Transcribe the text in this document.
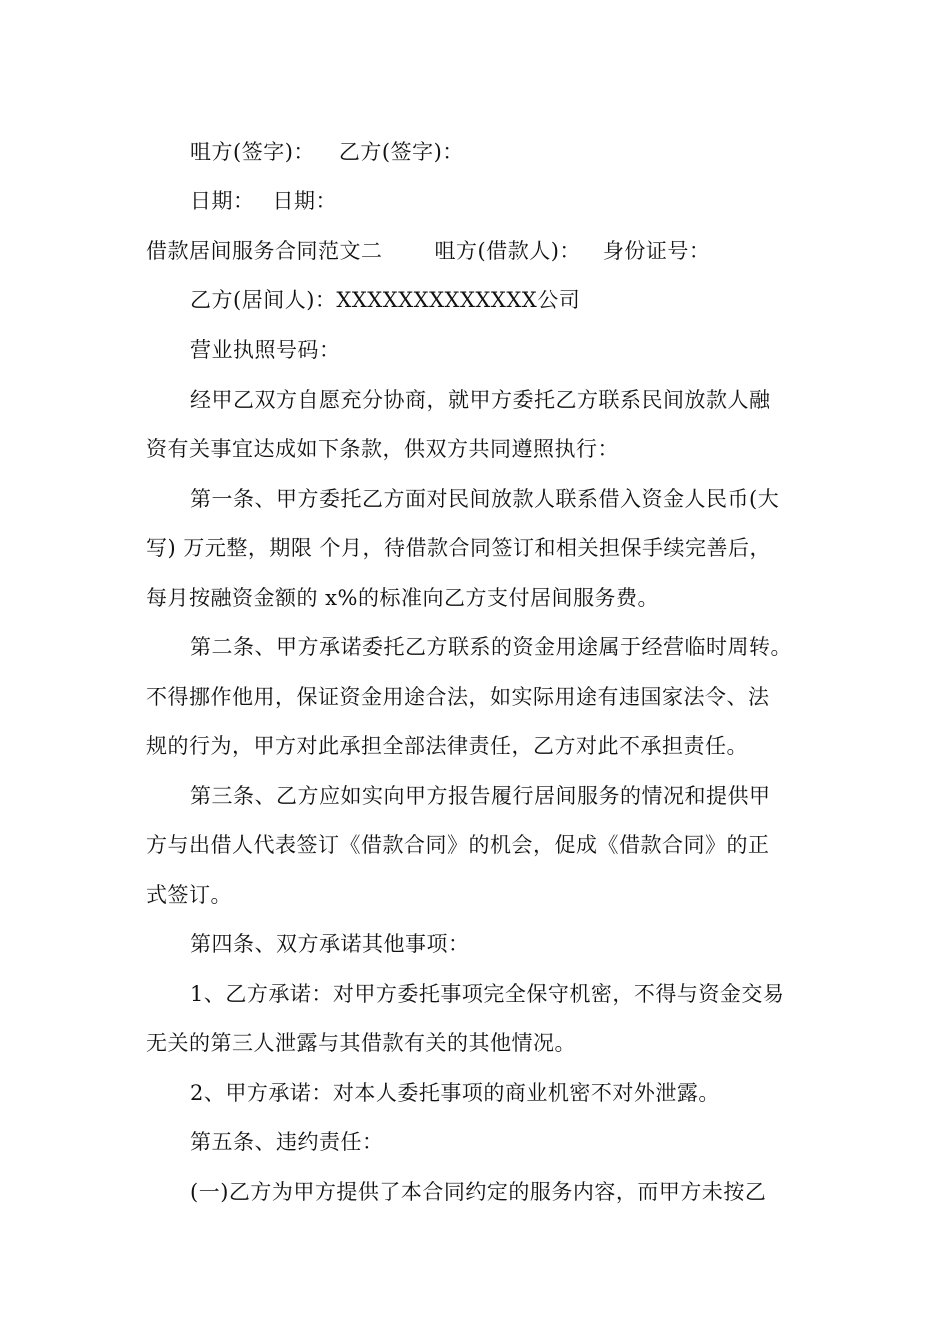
咀方(签字)： 乙方(签字)：
日期： 日期：
借款居间服务合同范文二 咀方(借款人)： 身份证号：
乙方(居间人)：XXXXXXXXXXXXX公司
营业执照号码：
经甲乙双方自愿充分协商，就甲方委托乙方联系民间放款人融
资有关事宜达成如下条款，供双方共同遵照执行：
第一条、甲方委托乙方面对民间放款人联系借入资金人民币(大
写) 万元整，期限 个月，待借款合同签订和相关担保手续完善后，
每月按融资金额的 x%的标准向乙方支付居间服务费。
第二条、甲方承诺委托乙方联系的资金用途属于经营临时周转。
不得挪作他用，保证资金用途合法，如实际用途有违国家法令、法
规的行为，甲方对此承担全部法律责任，乙方对此不承担责任。
第三条、乙方应如实向甲方报告履行居间服务的情况和提供甲
方与出借人代表签订《借款合同》的机会，促成《借款合同》的正
式签订。
第四条、双方承诺其他事项：
1、乙方承诺：对甲方委托事项完全保守机密，不得与资金交易
无关的第三人泄露与其借款有关的其他情况。
2、甲方承诺：对本人委托事项的商业机密不对外泄露。
第五条、违约责任：
(一)乙方为甲方提供了本合同约定的服务内容，而甲方未按乙
